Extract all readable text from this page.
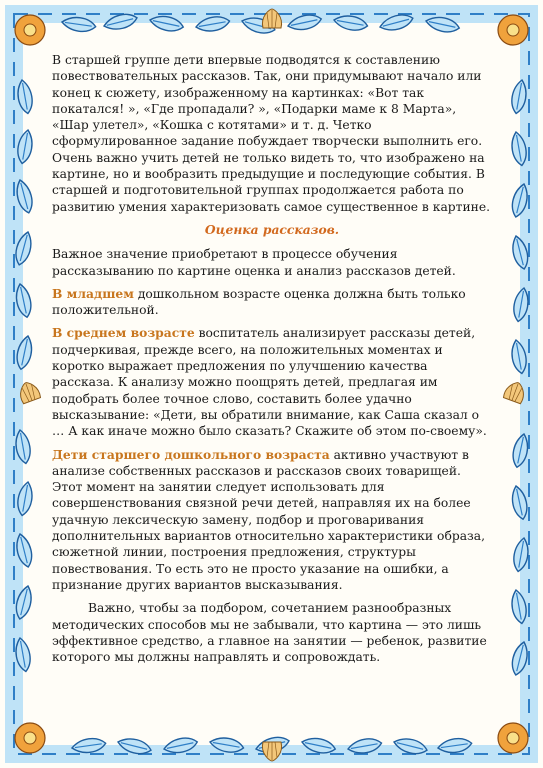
В старшей группе дети впервые подводятся к составлению повествовательных рассказов. Так, они придумывают начало или конец к сюжету, изображенному на картинках: «Вот так покатался! », «Где пропадали? », «Подарки маме к 8 Марта», «Шар улетел», «Кошка с котятами» и т. д. Четко сформулированное задание побуждает творчески выполнить его. Очень важно учить детей не только видеть то, что изображено на картине, но и вообразить предыдущие и последующие события. В старшей и подготовительной группах продолжается работа по развитию умения характеризовать самое существенное в картине.

Оценка рассказов.

Важное значение приобретают в процессе обучения рассказыванию по картине оценка и анализ рассказов детей.

В младшем дошкольном возрасте оценка должна быть только положительной.

В среднем возрасте воспитатель анализирует рассказы детей, подчеркивая, прежде всего, на положительных моментах и коротко выражает предложения по улучшению качества рассказа. К анализу можно поощрять детей, предлагая им подобрать более точное слово, составить более удачно высказывание: «Дети, вы обратили внимание, как Саша сказал о … А как иначе можно было сказать? Скажите об этом по-своему».

Дети старшего дошкольного возраста активно участвуют в анализе собственных рассказов и рассказов своих товарищей. Этот момент на занятии следует использовать для совершенствования связной речи детей, направляя их на более удачную лексическую замену, подбор и проговаривания дополнительных вариантов относительно характеристики образа, сюжетной линии, построения предложения, структуры повествования. То есть это не просто указание на ошибки, а признание других вариантов высказывания.

Важно, чтобы за подбором, сочетанием разнообразных методических способов мы не забывали, что картина — это лишь эффективное средство, а главное на занятии — ребенок, развитие которого мы должны направлять и сопровождать.
